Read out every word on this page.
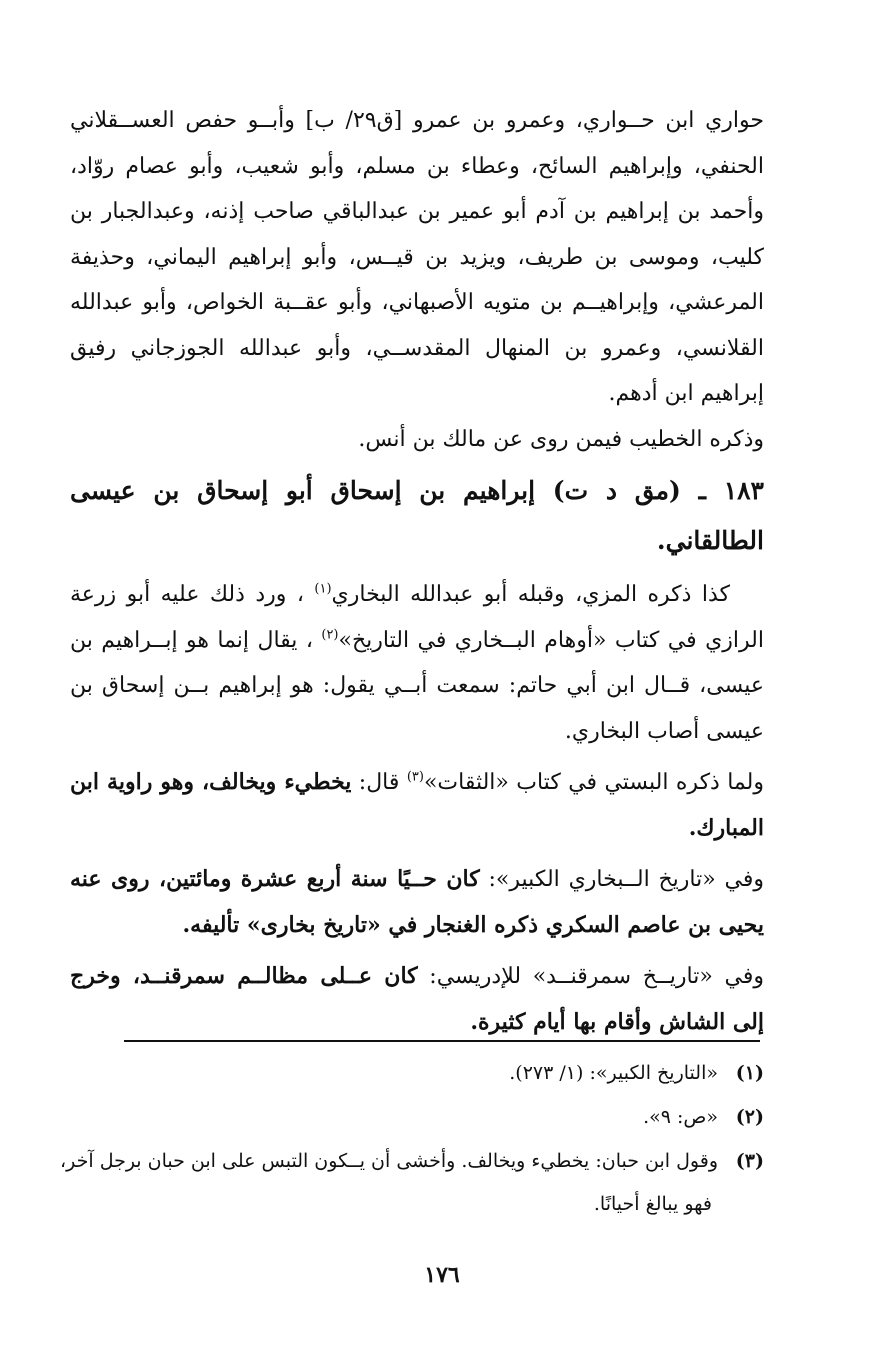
حواري ابن حــواري، وعمرو بن عمرو [ق٢٩/ ب] وأبــو حفص العســقلاني الحنفي، وإبراهيم السائح، وعطاء بن مسلم، وأبو شعيب، وأبو عصام روّاد، وأحمد بن إبراهيم بن آدم أبو عمير بن عبدالباقي صاحب إذنه، وعبدالجبار بن كليب، وموسى بن طريف، ويزيد بن قيــس، وأبو إبراهيم اليماني، وحذيفة المرعشي، وإبراهيــم بن متويه الأصبهاني، وأبو عقــبة الخواص، وأبو عبدالله القلانسي، وعمرو بن المنهال المقدســي، وأبو عبدالله الجوزجاني رفيق إبراهيم ابن أدهم.

وذكره الخطيب فيمن روى عن مالك بن أنس.

١٨٣ ـ (مق د ت) إبراهيم بن إسحاق أبو إسحاق بن عيسى الطالقاني.

كذا ذكره المزي، وقبله أبو عبدالله البخاري$^{(١)}$ ، ورد ذلك عليه أبو زرعة الرازي في كتاب «أوهام البــخاري في التاريخ»$^{(٢)}$ ، يقال إنما هو إبــراهيم بن عيسى، قــال ابن أبي حاتم: سمعت أبــي يقول: هو إبراهيم بــن إسحاق بن عيسى أصاب البخاري.

ولما ذكره البستي في كتاب «الثقات»$^{(٣)}$ قال: يخطيء ويخالف، وهو راوية ابن المبارك.

وفي «تاريخ الــبخاري الكبير»: كان حــيًا سنة أربع عشرة ومائتين، روى عنه يحيى بن عاصم السكري ذكره الغنجار في «تاريخ بخارى» تأليفه.

وفي «تاريــخ سمرقنــد» للإدريسي: كان عــلى مظالــم سمرقنــد، وخرج إلى الشاش وأقام بها أيام كثيرة.

(١)«التاريخ الكبير»: (١/ ٢٧٣).

(٢)«ص: ٩».

(٣)وقول ابن حبان: يخطيء ويخالف. وأخشى أن يــكون التبس على ابن حبان برجل آخر، فهو يبالغ أحيانًا.

١٧٦
